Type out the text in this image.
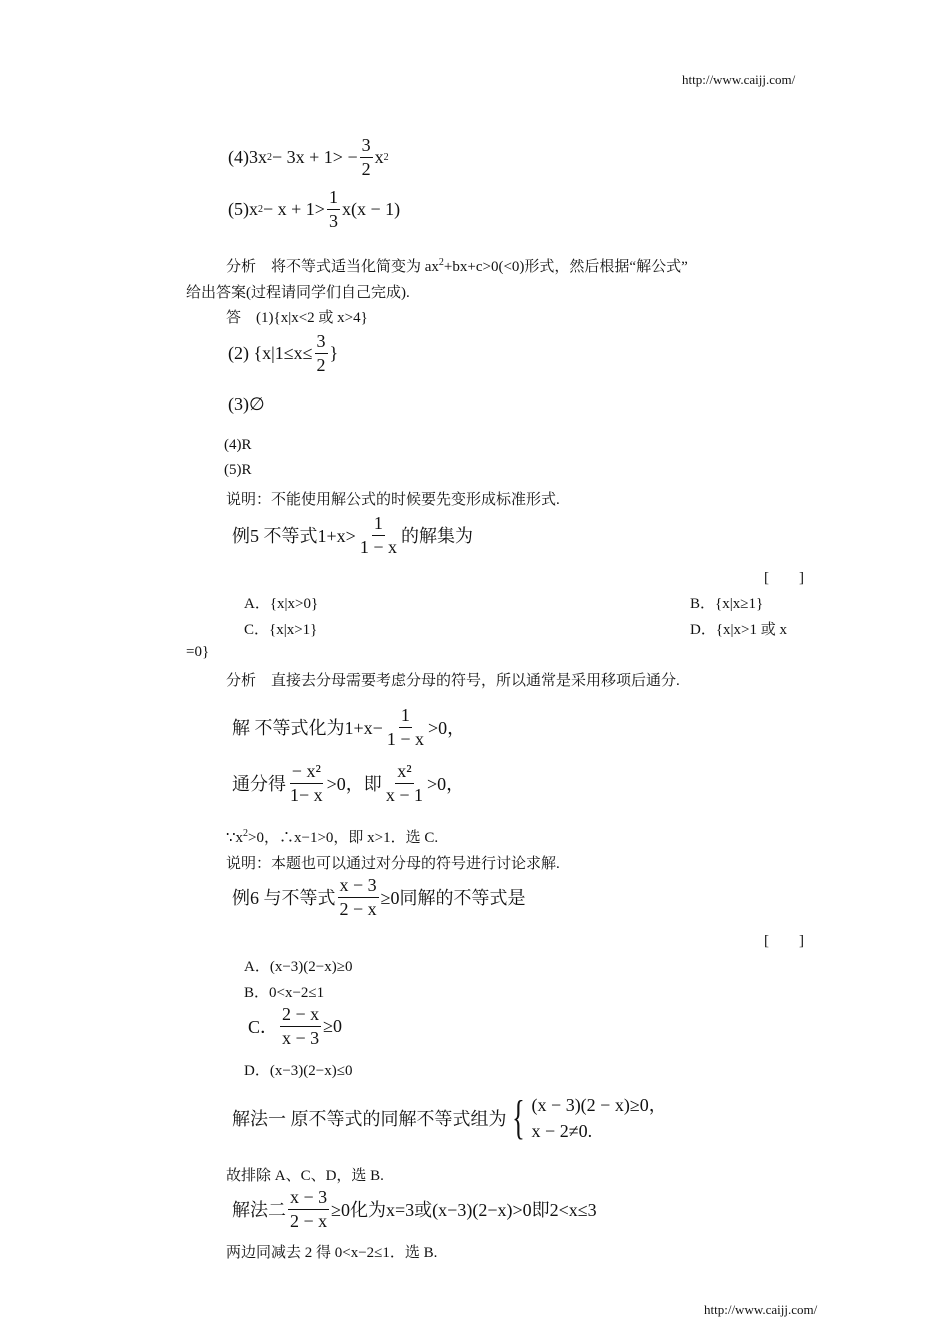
http://www.caijj.com/
(4)3x $2 - 3x + 1> - \frac{3}{2}$ x 2
(5)x $2 - x + 1> \frac{1}{3} x(x - 1)$
分析　将不等式适当化简变为 $ax^2+bx+c>0(<0)$形式，然后根据“解公式”
给出答案(过程请同学们自己完成).
答　(1){x|x<2 或 x>4}
(2) {$x|1\le x\le \frac{3}{2}$ }
(3)∅
(4)R
(5)R
说明：不能使用解公式的时候要先变形成标准形式.
例5 不等式$1+x> \frac{1}{1 - x}$ 的解集为
[　　]
A．{x|x>0}	B．{x|x≥1}
C．{x|x>1}	D．{x|x>1 或 x
=0}
分析　直接去分母需要考虑分母的符号，所以通常是采用移项后通分.
解 不等式化为$1+x- \frac{1}{1 - x} >0$，
通分得 $\frac{\text{− x²}}{1- x} >0$，即 $\frac{\text{x²}}{x - 1} >0$，
$\because x^2>0$，∴x−1>0，即 x>1．选 C.
说明：本题也可以通过对分母的符号进行讨论求解.
例6 与不等式 $\frac{x - 3}{2 - x} \ge 0$同解的不等式是
[　　]
A．(x−3)(2−x)≥0
B．0<x−2≤1
C． $\frac{2 - x}{x - 3} \ge 0$
D．(x−3)(2−x)≤0
解法一 原不等式的同解不等式组为 { (x − 3)(2 − x)≥0，
x − 2≠0.
故排除 A、C、D，选 B.
解法二 $\frac{x - 3}{2 - x} \ge 0$化为x=3或(x−3)(2−x)>0即2<x≤3
两边同减去 2 得 0<x−2≤1．选 B.
http://www.caijj.com/
